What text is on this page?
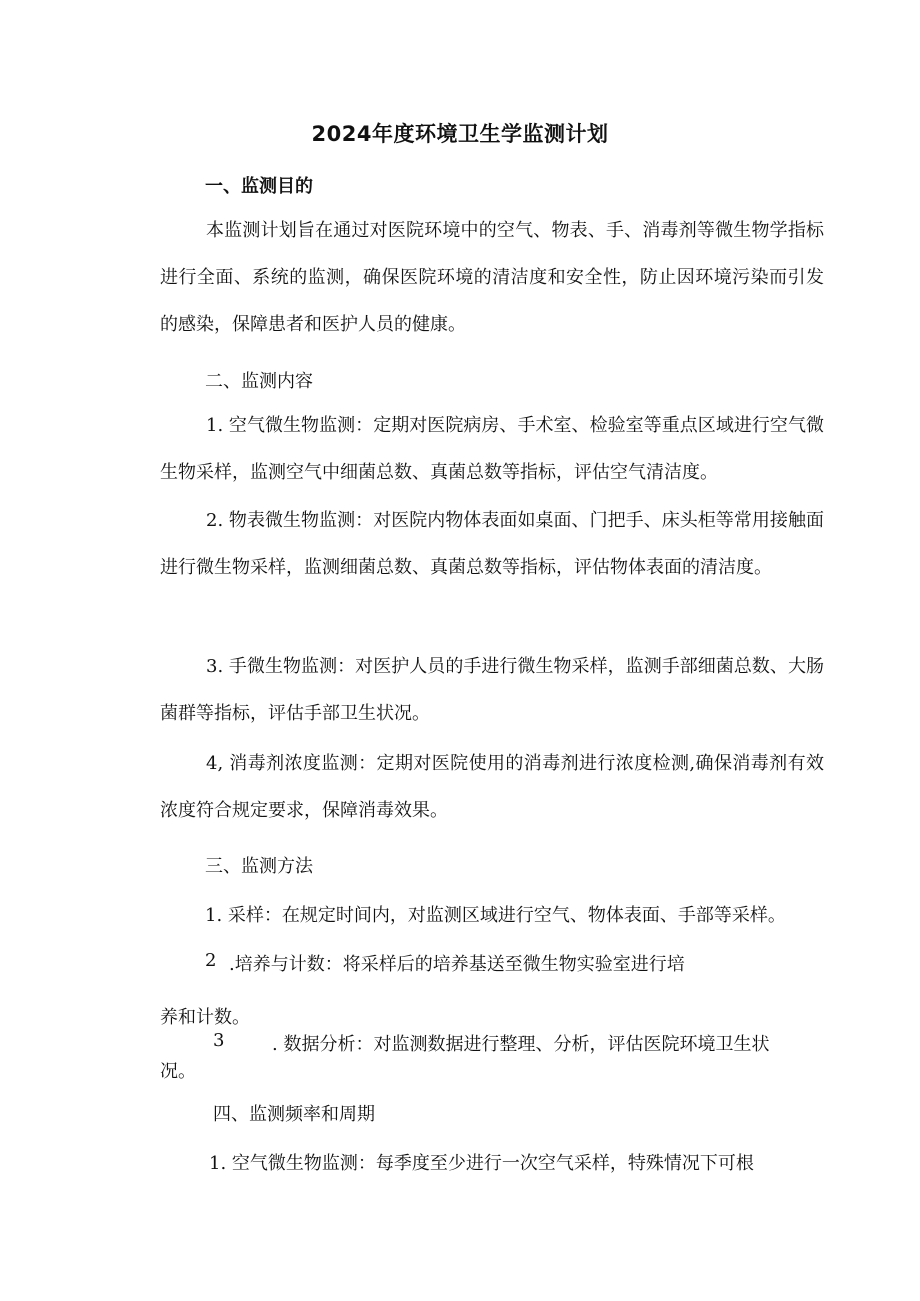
2024年度环境卫生学监测计划
一、监测目的

本监测计划旨在通过对医院环境中的空气、物表、手、消毒剂等微生物学指标进行全面、系统的监测，确保医院环境的清洁度和安全性，防止因环境污染而引发的感染，保障患者和医护人员的健康。

二、监测内容

1. 空气微生物监测：定期对医院病房、手术室、检验室等重点区域进行空气微生物采样，监测空气中细菌总数、真菌总数等指标，评估空气清洁度。

2. 物表微生物监测：对医院内物体表面如桌面、门把手、床头柜等常用接触面进行微生物采样，监测细菌总数、真菌总数等指标，评估物体表面的清洁度。

3. 手微生物监测：对医护人员的手进行微生物采样，监测手部细菌总数、大肠菌群等指标，评估手部卫生状况。

4, 消毒剂浓度监测：定期对医院使用的消毒剂进行浓度检测,确保消毒剂有效浓度符合规定要求，保障消毒效果。

三、监测方法
1. 采样：在规定时间内，对监测区域进行空气、物体表面、手部等采样。
2 .培养与计数：将采样后的培养基送至微生物实验室进行培
养和计数。
3	. 数据分析：对监测数据进行整理、分析，评估医院环境卫生状
况。
四、监测频率和周期
1. 空气微生物监测：每季度至少进行一次空气采样，特殊情况下可根
